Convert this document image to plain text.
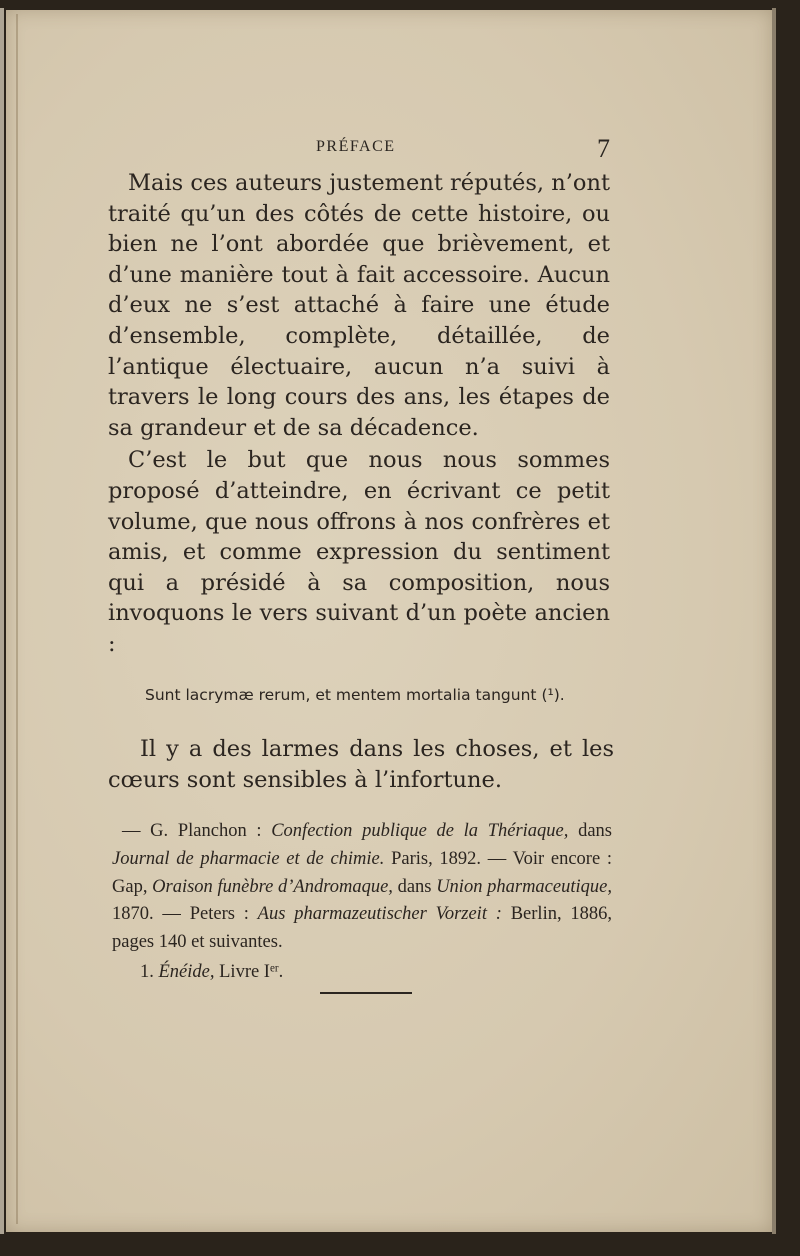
PRÉFACE	7

Mais ces auteurs justement réputés, n’ont traité qu’un des côtés de cette histoire, ou bien ne l’ont abordée que brièvement, et d’une manière tout à fait accessoire. Aucun d’eux ne s’est attaché à faire une étude d’ensemble, complète, détaillée, de l’antique électuaire, aucun n’a suivi à travers le long cours des ans, les étapes de sa grandeur et de sa décadence.

C’est le but que nous nous sommes proposé d’atteindre, en écrivant ce petit volume, que nous offrons à nos confrères et amis, et comme expression du sentiment qui a présidé à sa composition, nous invoquons le vers suivant d’un poète ancien :

Sunt lacrymæ rerum, et mentem mortalia tangunt (¹).

Il y a des larmes dans les choses, et les cœurs sont sensibles à l’infortune.

— G. Planchon : Confection publique de la Thériaque, dans Journal de pharmacie et de chimie. Paris, 1892. — Voir encore : Gap, Oraison funèbre d’Andromaque, dans Union pharmaceutique, 1870. — Peters : Aus pharmazeutischer Vorzeit : Berlin, 1886, pages 140 et suivantes.

1. Énéide, Livre Ier.
